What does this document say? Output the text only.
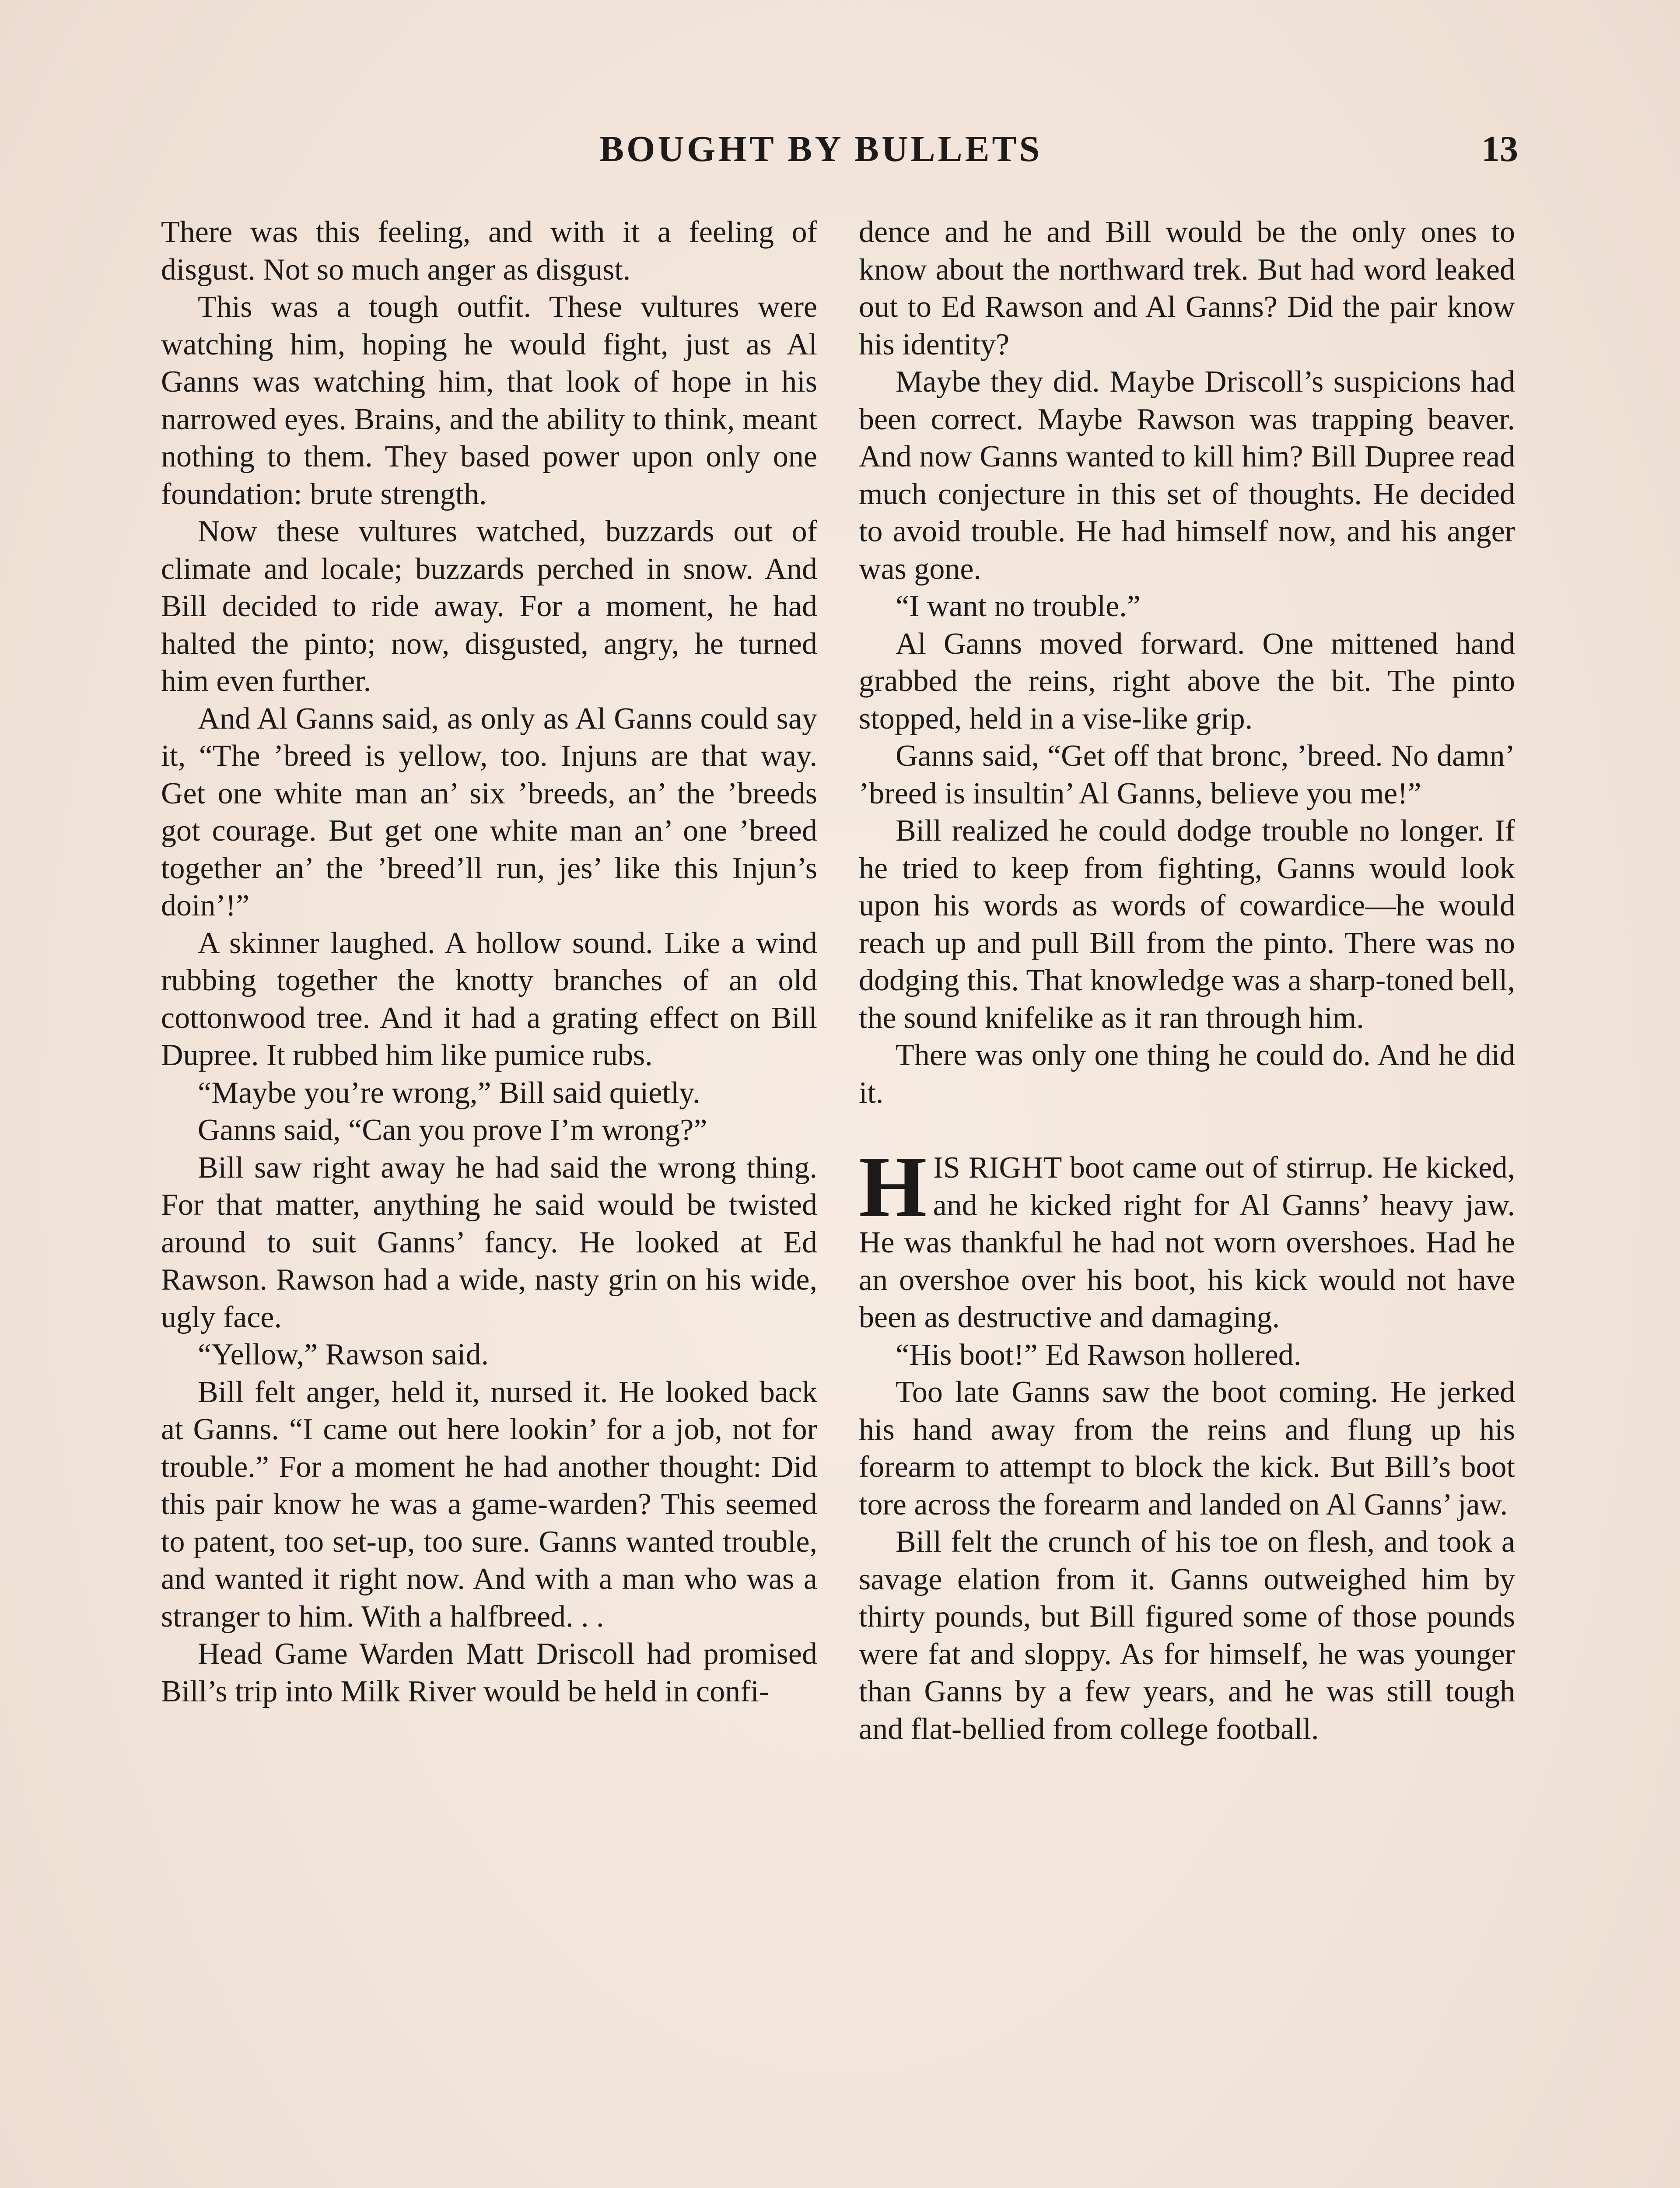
BOUGHT BY BULLETS	13

There was this feeling, and with it a feeling of disgust. Not so much anger as disgust.

This was a tough outfit. These vultures were watching him, hoping he would fight, just as Al Ganns was watching him, that look of hope in his narrowed eyes. Brains, and the ability to think, meant nothing to them. They based power upon only one foundation: brute strength.

Now these vultures watched, buzzards out of climate and locale; buzzards perched in snow. And Bill decided to ride away. For a moment, he had halted the pinto; now, disgusted, angry, he turned him even further.

And Al Ganns said, as only as Al Ganns could say it, “The ’breed is yellow, too. Injuns are that way. Get one white man an’ six ’breeds, an’ the ’breeds got courage. But get one white man an’ one ’breed together an’ the ’breed’ll run, jes’ like this Injun’s doin’!”

A skinner laughed. A hollow sound. Like a wind rubbing together the knotty branches of an old cottonwood tree. And it had a grating effect on Bill Dupree. It rubbed him like pumice rubs.

“Maybe you’re wrong,” Bill said quietly.

Ganns said, “Can you prove I’m wrong?”

Bill saw right away he had said the wrong thing. For that matter, anything he said would be twisted around to suit Ganns’ fancy. He looked at Ed Rawson. Rawson had a wide, nasty grin on his wide, ugly face.

“Yellow,” Rawson said.

Bill felt anger, held it, nursed it. He looked back at Ganns. “I came out here lookin’ for a job, not for trouble.” For a moment he had another thought: Did this pair know he was a game-warden? This seemed to patent, too set-up, too sure. Ganns wanted trouble, and wanted it right now. And with a man who was a stranger to him. With a halfbreed. . .

Head Game Warden Matt Driscoll had promised Bill’s trip into Milk River would be held in confi-

dence and he and Bill would be the only ones to know about the northward trek. But had word leaked out to Ed Rawson and Al Ganns? Did the pair know his identity?

Maybe they did. Maybe Driscoll’s suspicions had been correct. Maybe Rawson was trapping beaver. And now Ganns wanted to kill him? Bill Dupree read much conjecture in this set of thoughts. He decided to avoid trouble. He had himself now, and his anger was gone.

“I want no trouble.”

Al Ganns moved forward. One mittened hand grabbed the reins, right above the bit. The pinto stopped, held in a vise-like grip.

Ganns said, “Get off that bronc, ’breed. No damn’ ’breed is insultin’ Al Ganns, believe you me!”

Bill realized he could dodge trouble no longer. If he tried to keep from fighting, Ganns would look upon his words as words of cowardice—he would reach up and pull Bill from the pinto. There was no dodging this. That knowledge was a sharp-toned bell, the sound knifelike as it ran through him.

There was only one thing he could do. And he did it.

HIS RIGHT boot came out of stirrup. He kicked, and he kicked right for Al Ganns’ heavy jaw. He was thankful he had not worn overshoes. Had he an overshoe over his boot, his kick would not have been as destructive and damaging.

“His boot!” Ed Rawson hollered.

Too late Ganns saw the boot coming. He jerked his hand away from the reins and flung up his forearm to attempt to block the kick. But Bill’s boot tore across the forearm and landed on Al Ganns’ jaw.

Bill felt the crunch of his toe on flesh, and took a savage elation from it. Ganns outweighed him by thirty pounds, but Bill figured some of those pounds were fat and sloppy. As for himself, he was younger than Ganns by a few years, and he was still tough and flat-bellied from college football.
